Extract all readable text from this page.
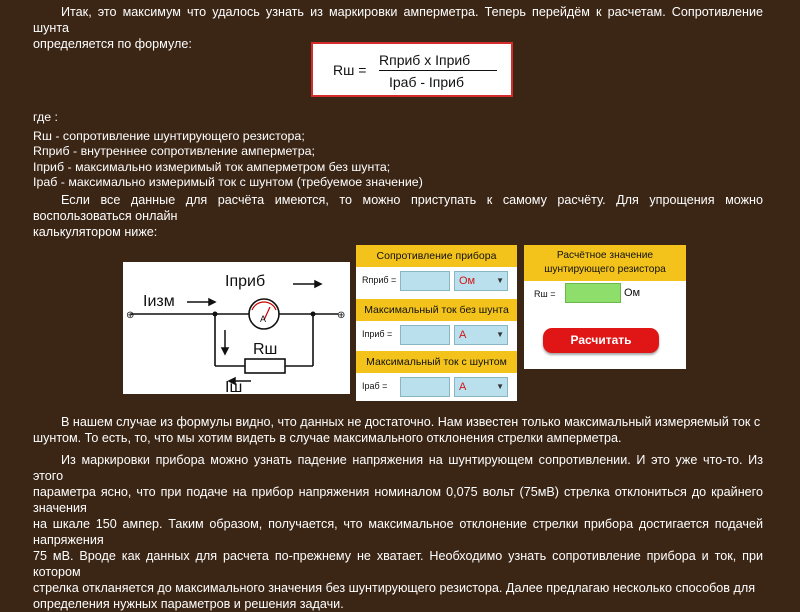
Итак, это максимум что удалось узнать из маркировки амперметра. Теперь перейдём к расчетам. Сопротивление шунта
определяется по формуле:
Rш =
Rприб х Iприб
Iраб - Iприб
где :
Rш - сопротивление шунтирующего резистора;
Rприб - внутреннее сопротивление амперметра;
Iприб - максимально измеримый ток амперметром без шунта;
Iраб - максимально измеримый ток с шунтом (требуемое значение)
Если все данные для расчёта имеются, то можно приступать к самому расчёту. Для упрощения можно воспользоваться онлайн
калькулятором ниже:
A
⊕	⊕
Iизм
Iприб
Rш
Iш
Сопротивление прибора
Rприб =	Ом	▼
Максимальный ток без шунта
Iприб =	А	▼
Максимальный ток с шунтом
Iраб =	А	▼
Расчётное значение
шунтирующего резистора
Rш =	Ом
Расчитать
В нашем случае из формулы видно, что данных не достаточно. Нам известен только максимальный измеряемый ток с
шунтом. То есть, то, что мы хотим видеть в случае максимального отклонения стрелки амперметра.
Из маркировки прибора можно узнать падение напряжения на шунтирующем сопротивлении. И это уже что-то. Из этого
параметра ясно, что при подаче на прибор напряжения номиналом 0,075 вольт (75мВ) стрелка отклониться до крайнего значения
на шкале 150 ампер. Таким образом, получается, что максимальное отклонение стрелки прибора достигается подачей напряжения
75 мВ. Вроде как данных для расчета по-прежнему не хватает. Необходимо узнать сопротивление прибора и ток, при котором
стрелка откланяется до максимального значения без шунтирующего резистора. Далее предлагаю несколько способов для
определения нужных параметров и решения задачи.
